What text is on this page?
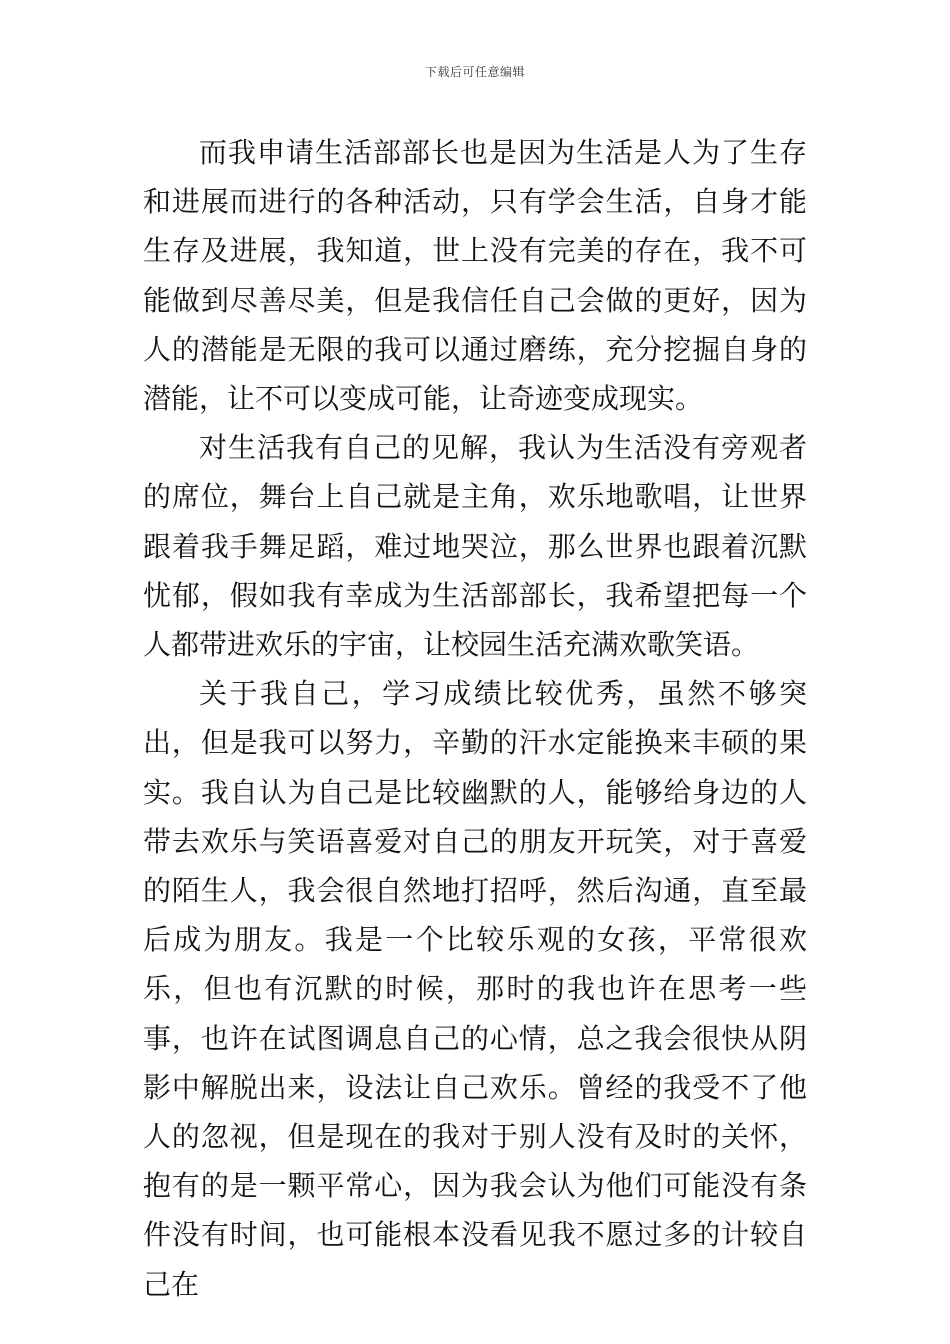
下载后可任意编辑

而我申请生活部部长也是因为生活是人为了生存和进展而进行的各种活动，只有学会生活，自身才能生存及进展，我知道，世上没有完美的存在，我不可能做到尽善尽美，但是我信任自己会做的更好，因为人的潜能是无限的我可以通过磨练，充分挖掘自身的潜能，让不可以变成可能，让奇迹变成现实。

对生活我有自己的见解，我认为生活没有旁观者的席位，舞台上自己就是主角，欢乐地歌唱，让世界跟着我手舞足蹈，难过地哭泣，那么世界也跟着沉默忧郁，假如我有幸成为生活部部长，我希望把每一个人都带进欢乐的宇宙，让校园生活充满欢歌笑语。

关于我自己，学习成绩比较优秀，虽然不够突出，但是我可以努力，辛勤的汗水定能换来丰硕的果实。我自认为自己是比较幽默的人，能够给身边的人带去欢乐与笑语喜爱对自己的朋友开玩笑，对于喜爱的陌生人，我会很自然地打招呼，然后沟通，直至最后成为朋友。我是一个比较乐观的女孩，平常很欢乐，但也有沉默的时候，那时的我也许在思考一些事，也许在试图调息自己的心情，总之我会很快从阴影中解脱出来，设法让自己欢乐。曾经的我受不了他人的忽视，但是现在的我对于别人没有及时的关怀，抱有的是一颗平常心，因为我会认为他们可能没有条件没有时间，也可能根本没看见我不愿过多的计较自己在
